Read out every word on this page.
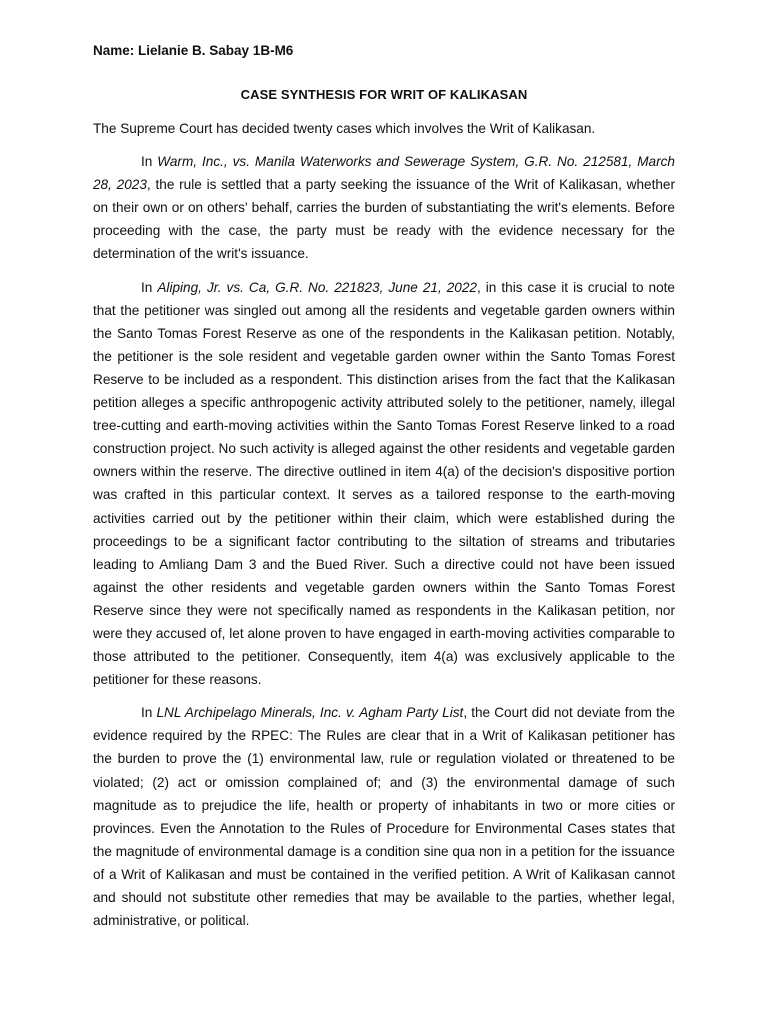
Name: Lielanie B. Sabay 1B-M6
CASE SYNTHESIS FOR WRIT OF KALIKASAN

The Supreme Court has decided twenty cases which involves the Writ of Kalikasan.

In Warm, Inc., vs. Manila Waterworks and Sewerage System, G.R. No. 212581, March 28, 2023, the rule is settled that a party seeking the issuance of the Writ of Kalikasan, whether on their own or on others' behalf, carries the burden of substantiating the writ's elements. Before proceeding with the case, the party must be ready with the evidence necessary for the determination of the writ's issuance.

In Aliping, Jr. vs. Ca, G.R. No. 221823, June 21, 2022, in this case it is crucial to note that the petitioner was singled out among all the residents and vegetable garden owners within the Santo Tomas Forest Reserve as one of the respondents in the Kalikasan petition. Notably, the petitioner is the sole resident and vegetable garden owner within the Santo Tomas Forest Reserve to be included as a respondent. This distinction arises from the fact that the Kalikasan petition alleges a specific anthropogenic activity attributed solely to the petitioner, namely, illegal tree-cutting and earth-moving activities within the Santo Tomas Forest Reserve linked to a road construction project. No such activity is alleged against the other residents and vegetable garden owners within the reserve. The directive outlined in item 4(a) of the decision's dispositive portion was crafted in this particular context. It serves as a tailored response to the earth-moving activities carried out by the petitioner within their claim, which were established during the proceedings to be a significant factor contributing to the siltation of streams and tributaries leading to Amliang Dam 3 and the Bued River. Such a directive could not have been issued against the other residents and vegetable garden owners within the Santo Tomas Forest Reserve since they were not specifically named as respondents in the Kalikasan petition, nor were they accused of, let alone proven to have engaged in earth-moving activities comparable to those attributed to the petitioner. Consequently, item 4(a) was exclusively applicable to the petitioner for these reasons.

In LNL Archipelago Minerals, Inc. v. Agham Party List, the Court did not deviate from the evidence required by the RPEC: The Rules are clear that in a Writ of Kalikasan petitioner has the burden to prove the (1) environmental law, rule or regulation violated or threatened to be violated; (2) act or omission complained of; and (3) the environmental damage of such magnitude as to prejudice the life, health or property of inhabitants in two or more cities or provinces. Even the Annotation to the Rules of Procedure for Environmental Cases states that the magnitude of environmental damage is a condition sine qua non in a petition for the issuance of a Writ of Kalikasan and must be contained in the verified petition. A Writ of Kalikasan cannot and should not substitute other remedies that may be available to the parties, whether legal, administrative, or political.
